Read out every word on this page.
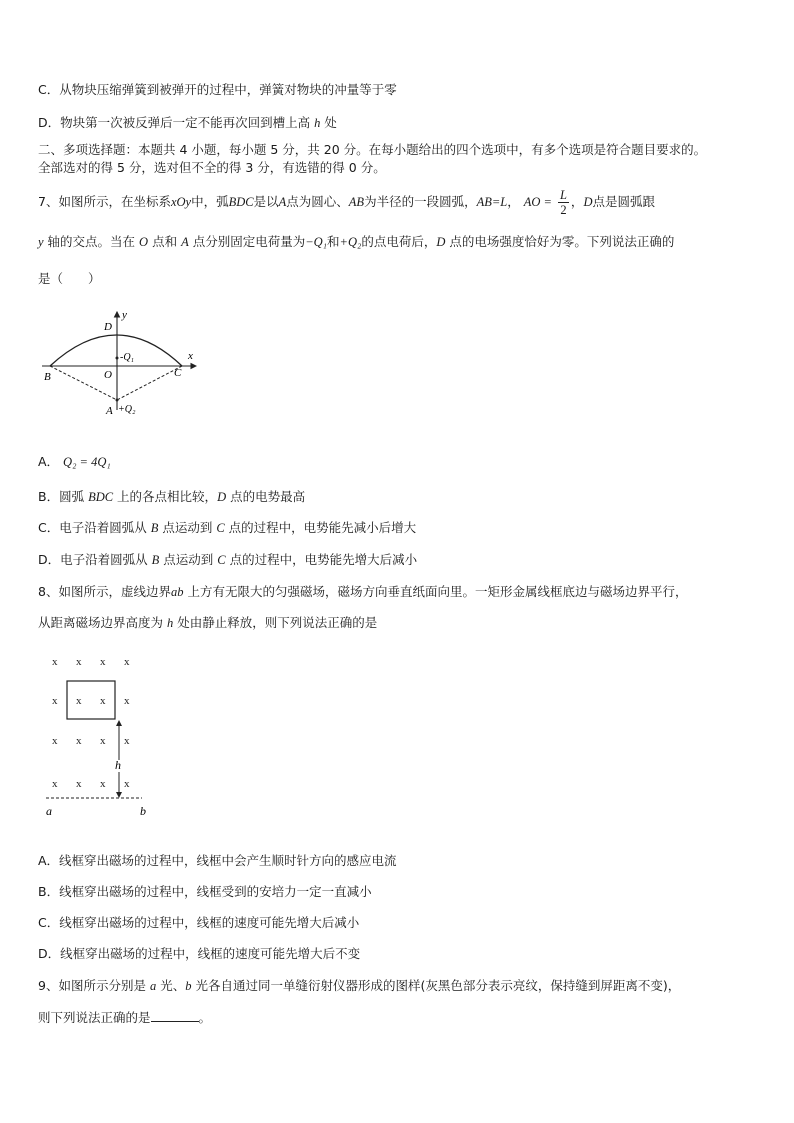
C．从物块压缩弹簧到被弹开的过程中，弹簧对物块的冲量等于零
D．物块第一次被反弹后一定不能再次回到槽上高 h 处
二、多项选择题：本题共 4 小题，每小题 5 分，共 20 分。在每小题给出的四个选项中，有多个选项是符合题目要求的。
全部选对的得 5 分，选对但不全的得 3 分，有选错的得 0 分。
7、如图所示，在坐标系xOy中，弧BDC是以A点为圆心、AB为半径的一段圆弧，AB=L， AO = $\frac{L}{2}$ ，D点是圆弧跟
y 轴的交点。当在 O 点和 A 点分别固定电荷量为−Q₁和+Q₂的点电荷后，D 点的电场强度恰好为零。下列说法正确的
是（　　）
D
y
x
-Q₁
O
B	C
A +Q₂
A． Q₂ = 4Q₁
B．圆弧 BDC 上的各点相比较，D 点的电势最高
C．电子沿着圆弧从 B 点运动到 C 点的过程中，电势能先减小后增大
D．电子沿着圆弧从 B 点运动到 C 点的过程中，电势能先增大后减小
8、如图所示，虚线边界ab 上方有无限大的匀强磁场，磁场方向垂直纸面向里。一矩形金属线框底边与磁场边界平行，
从距离磁场边界高度为 h 处由静止释放，则下列说法正确的是
x x x x
x x x x
x x x x
x x x x
h
a	b
A．线框穿出磁场的过程中，线框中会产生顺时针方向的感应电流
B．线框穿出磁场的过程中，线框受到的安培力一定一直减小
C．线框穿出磁场的过程中，线框的速度可能先增大后减小
D．线框穿出磁场的过程中，线框的速度可能先增大后不变
9、如图所示分别是 a 光、b 光各自通过同一单缝衍射仪器形成的图样(灰黑色部分表示亮纹，保持缝到屏距离不变)，
则下列说法正确的是	。
